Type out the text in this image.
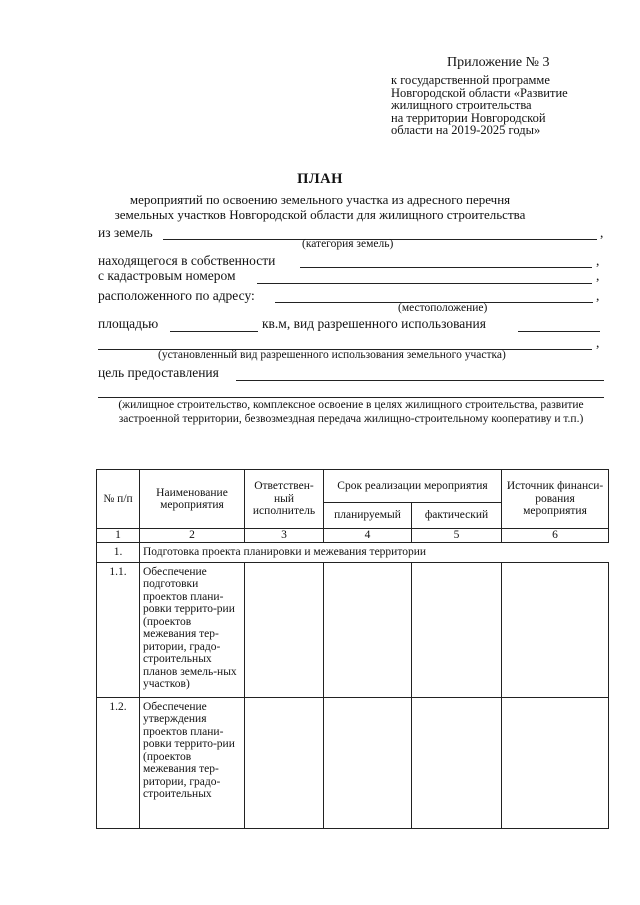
Приложение № 3
к государственной программе
Новгородской области «Развитие
жилищного строительства
на территории Новгородской
области на 2019-2025 годы»
ПЛАН
мероприятий по освоению земельного участка из адресного перечня
земельных участков Новгородской области для жилищного строительства
из земель	,
(категория земель)
находящегося в собственности	,
с кадастровым номером	,
расположенного по адресу:	,
(местоположение)
площадью	кв.м, вид разрешенного использования
,
(установленный вид разрешенного использования земельного участка)
цель предоставления
(жилищное строительство, комплексное освоение в целях жилищного строительства, развитие застроенной территории, безвозмездная передача жилищно-строительному кооперативу и т.п.)
№ п/п	Наименование мероприятия	Ответствен-ный исполнитель	Срок реализации мероприятия		Источник финанси-рования мероприятия
			планируемый	фактический	
1	2	3	4	5	6
1.	Подготовка проекта планировки и межевания территории				
1.1.	Обеспечение подготовки проектов плани-ровки террито-рии (проектов межевания тер-ритории, градо-строительных планов земель-ных участков)				
1.2.	Обеспечение утверждения проектов плани-ровки террито-рии (проектов межевания тер-ритории, градо-строительных				
